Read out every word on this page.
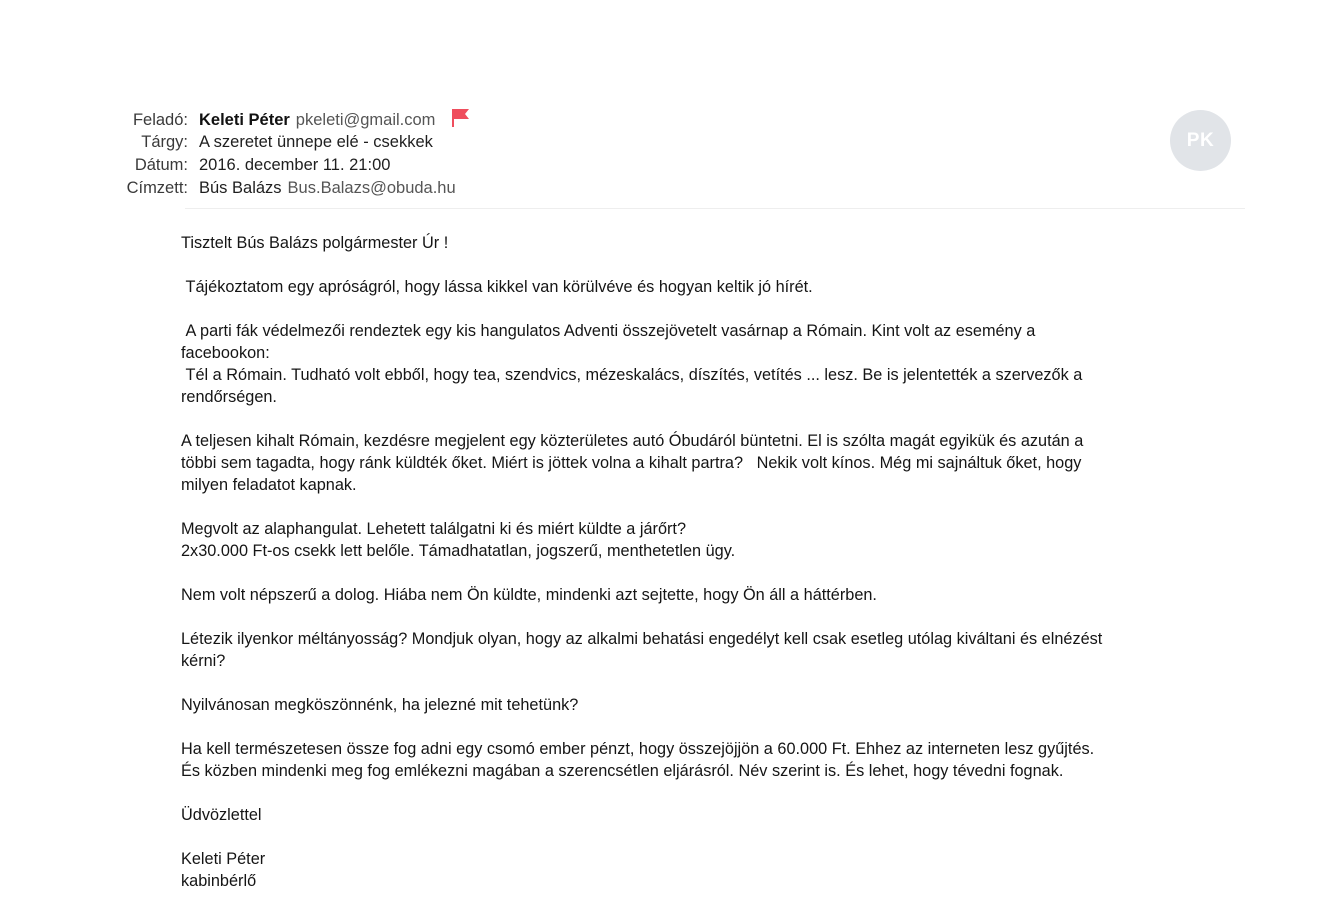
Feladó: Keleti Péter pkeleti@gmail.com
Tárgy: A szeretet ünnepe elé - csekkek
Dátum: 2016. december 11. 21:00
Címzett: Bús Balázs Bus.Balazs@obuda.hu
PK

Tisztelt Bús Balázs polgármester Úr !

Tájékoztatom egy apróságról, hogy lássa kikkel van körülvéve és hogyan keltik jó hírét.

A parti fák védelmezői rendeztek egy kis hangulatos Adventi összejövetelt vasárnap a Rómain. Kint volt az esemény a
facebookon:
Tél a Rómain. Tudható volt ebből, hogy tea, szendvics, mézeskalács, díszítés, vetítés ... lesz. Be is jelentették a szervezők a
rendőrségen.

A teljesen kihalt Rómain, kezdésre megjelent egy közterületes autó Óbudáról büntetni. El is szólta magát egyikük és azután a
többi sem tagadta, hogy ránk küldték őket. Miért is jöttek volna a kihalt partra?   Nekik volt kínos. Még mi sajnáltuk őket, hogy
milyen feladatot kapnak.

Megvolt az alaphangulat. Lehetett találgatni ki és miért küldte a járőrt?
2x30.000 Ft-os csekk lett belőle. Támadhatatlan, jogszerű, menthetetlen ügy.

Nem volt népszerű a dolog. Hiába nem Ön küldte, mindenki azt sejtette, hogy Ön áll a háttérben.

Létezik ilyenkor méltányosság? Mondjuk olyan, hogy az alkalmi behatási engedélyt kell csak esetleg utólag kiváltani és elnézést
kérni?

Nyilvánosan megköszönnénk, ha jelezné mit tehetünk?

Ha kell természetesen össze fog adni egy csomó ember pénzt, hogy összejöjjön a 60.000 Ft. Ehhez az interneten lesz gyűjtés.
És közben mindenki meg fog emlékezni magában a szerencsétlen eljárásról. Név szerint is. És lehet, hogy tévedni fognak.

Üdvözlettel

Keleti Péter
kabinbérlő
